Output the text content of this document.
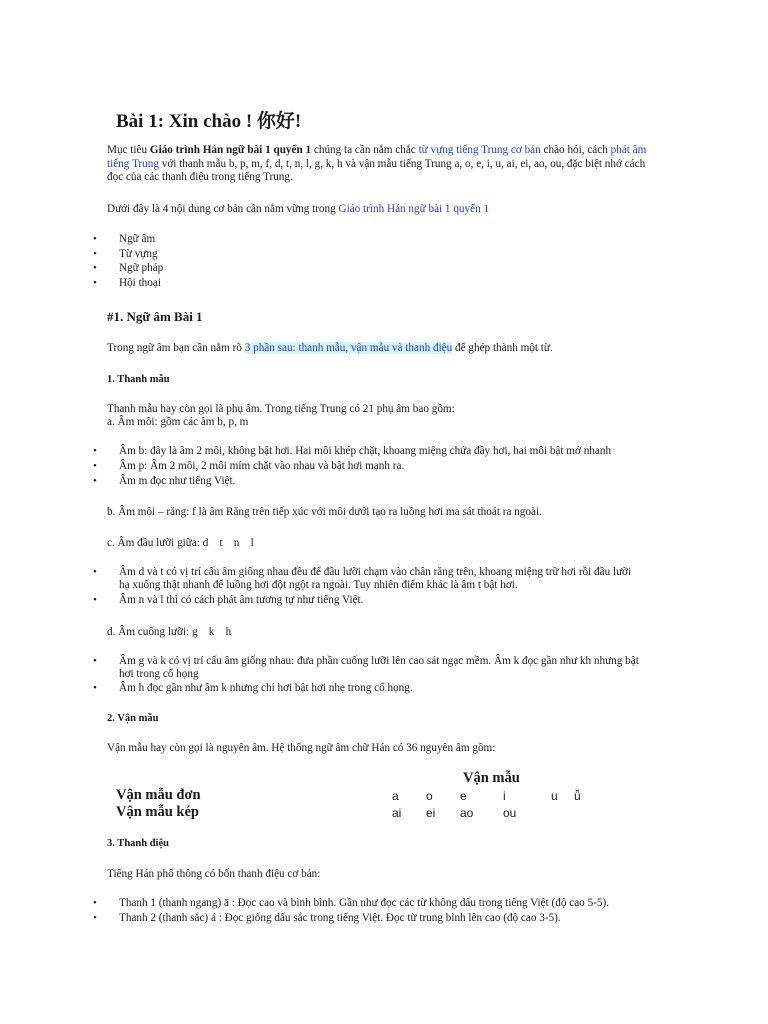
Bài 1: Xin chào ! 你好!
Mục tiêu Giáo trình Hán ngữ bài 1 quyển 1 chúng ta cần nắm chắc từ vựng tiếng Trung cơ bản chào hỏi, cách phát âm tiếng Trung với thanh mẫu b, p, m, f, d, t, n, l, g, k, h và vận mẫu tiếng Trung a, o, e, i, u, ai, ei, ao, ou, đặc biệt nhớ cách đọc của các thanh điệu trong tiếng Trung.
Dưới đây là 4 nội dung cơ bản cần nắm vững trong Giáo trình Hán ngữ bài 1 quyển 1
• Ngữ âm
• Từ vựng
• Ngữ pháp
• Hội thoại
#1. Ngữ âm Bài 1
Trong ngữ âm bạn cần nắm rõ 3 phần sau: thanh mẫu, vận mẫu và thanh điệu để ghép thành một từ.
1. Thanh mẫu
Thanh mẫu hay còn gọi là phụ âm. Trong tiếng Trung có 21 phụ âm bao gồm:
a. Âm môi: gồm các âm b, p, m
• Âm b: đây là âm 2 môi, không bật hơi. Hai môi khép chặt, khoang miệng chứa đầy hơi, hai môi bật mở nhanh
• Âm p: Âm 2 môi, 2 môi mím chặt vào nhau và bật hơi mạnh ra.
• Âm m đọc như tiếng Việt.
b. Âm môi – răng: f là âm Răng trên tiếp xúc với môi dưới tạo ra luồng hơi ma sát thoát ra ngoài.
c. Âm đầu lưỡi giữa: d    t    n    l
• Âm d và t có vị trí cấu âm giống nhau đều để đầu lưỡi chạm vào chân răng trên, khoang miệng trữ hơi rồi đầu lưỡi
hạ xuống thật nhanh để luồng hơi đột ngột ra ngoài. Tuy nhiên điểm khác là âm t bật hơi.
• Âm n và l thì có cách phát âm tương tự như tiếng Việt.
d. Âm cuống lưỡi: g    k    h
• Âm g và k có vị trí cấu âm giống nhau: đưa phần cuống lưỡi lên cao sát ngạc mềm. Âm k đọc gần như kh nhưng bật
hơi trong cổ họng
• Âm h đọc gần như âm k nhưng chỉ hơi bật hơi nhẹ trong cổ họng.
2. Vận mẫu
Vận mẫu hay còn gọi là nguyên âm. Hệ thống ngữ âm chữ Hán có 36 nguyên âm gồm:
Vận mẫu
Vận mẫu đơn	a o e	i	u ǚ
Vận mẫu kép	ai ei ao ou
3. Thanh điệu
Tiếng Hán phổ thông có bốn thanh điệu cơ bản:
• Thanh 1 (thanh ngang) ā : Đọc cao và bình bình. Gần như đọc các từ không dấu trong tiếng Việt (độ cao 5-5).
• Thanh 2 (thanh sắc) á : Đọc giống dấu sắc trong tiếng Việt. Đọc từ trung bình lên cao (độ cao 3-5).
